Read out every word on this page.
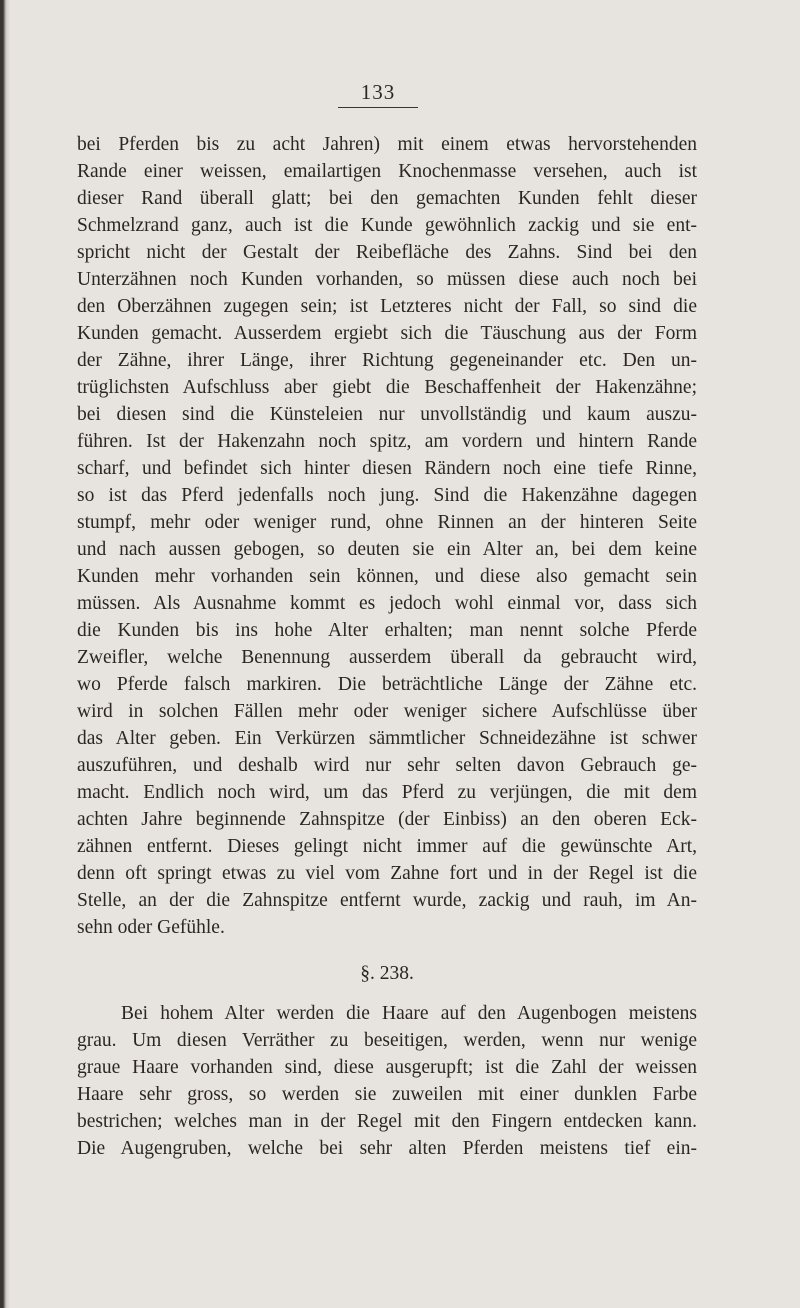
133
bei Pferden bis zu acht Jahren) mit einem etwas hervorstehenden
Rande einer weissen, emailartigen Knochenmasse versehen, auch ist
dieser Rand überall glatt; bei den gemachten Kunden fehlt dieser
Schmelzrand ganz, auch ist die Kunde gewöhnlich zackig und sie ent-
spricht nicht der Gestalt der Reibefläche des Zahns. Sind bei den
Unterzähnen noch Kunden vorhanden, so müssen diese auch noch bei
den Oberzähnen zugegen sein; ist Letzteres nicht der Fall, so sind die
Kunden gemacht. Ausserdem ergiebt sich die Täuschung aus der Form
der Zähne, ihrer Länge, ihrer Richtung gegeneinander etc. Den un-
trüglichsten Aufschluss aber giebt die Beschaffenheit der Hakenzähne;
bei diesen sind die Künsteleien nur unvollständig und kaum auszu-
führen. Ist der Hakenzahn noch spitz, am vordern und hintern Rande
scharf, und befindet sich hinter diesen Rändern noch eine tiefe Rinne,
so ist das Pferd jedenfalls noch jung. Sind die Hakenzähne dagegen
stumpf, mehr oder weniger rund, ohne Rinnen an der hinteren Seite
und nach aussen gebogen, so deuten sie ein Alter an, bei dem keine
Kunden mehr vorhanden sein können, und diese also gemacht sein
müssen. Als Ausnahme kommt es jedoch wohl einmal vor, dass sich
die Kunden bis ins hohe Alter erhalten; man nennt solche Pferde
Zweifler, welche Benennung ausserdem überall da gebraucht wird,
wo Pferde falsch markiren. Die beträchtliche Länge der Zähne etc.
wird in solchen Fällen mehr oder weniger sichere Aufschlüsse über
das Alter geben. Ein Verkürzen sämmtlicher Schneidezähne ist schwer
auszuführen, und deshalb wird nur sehr selten davon Gebrauch ge-
macht. Endlich noch wird, um das Pferd zu verjüngen, die mit dem
achten Jahre beginnende Zahnspitze (der Einbiss) an den oberen Eck-
zähnen entfernt. Dieses gelingt nicht immer auf die gewünschte Art,
denn oft springt etwas zu viel vom Zahne fort und in der Regel ist die
Stelle, an der die Zahnspitze entfernt wurde, zackig und rauh, im An-
sehn oder Gefühle.
§. 238.
Bei hohem Alter werden die Haare auf den Augenbogen meistens
grau. Um diesen Verräther zu beseitigen, werden, wenn nur wenige
graue Haare vorhanden sind, diese ausgerupft; ist die Zahl der weissen
Haare sehr gross, so werden sie zuweilen mit einer dunklen Farbe
bestrichen; welches man in der Regel mit den Fingern entdecken kann.
Die Augengruben, welche bei sehr alten Pferden meistens tief ein-
